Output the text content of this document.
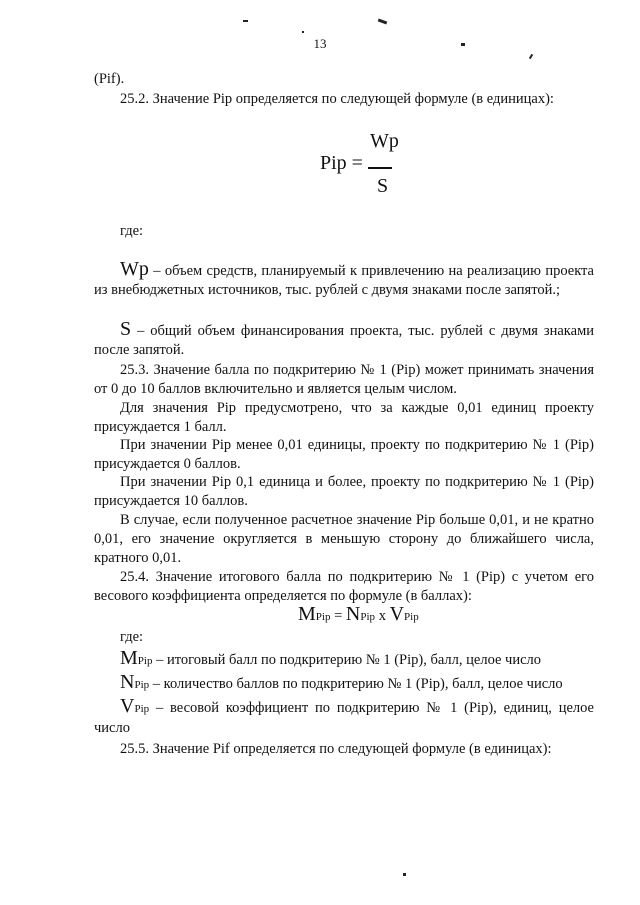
13
(Pif).
25.2. Значение Pip определяется по следующей формуле (в единицах):
Pip =
Wp
S
где:
Wp – объем средств, планируемый к привлечению на реализацию проекта из внебюджетных источников, тыс. рублей с двумя знаками после запятой.;
S – общий объем финансирования проекта, тыс. рублей с двумя знаками после запятой.
25.3. Значение балла по подкритерию № 1 (Pip) может принимать значения от 0 до 10 баллов включительно и является целым числом.
Для значения Pip предусмотрено, что за каждые 0,01 единиц проекту присуждается 1 балл.
При значении Pip менее 0,01 единицы, проекту по подкритерию № 1 (Pip) присуждается 0 баллов.
При значении Pip 0,1 единица и более, проекту по подкритерию № 1 (Pip) присуждается 10 баллов.
В случае, если полученное расчетное значение Pip больше 0,01, и не кратно 0,01, его значение округляется в меньшую сторону до ближайшего числа, кратного 0,01.
25.4. Значение итогового балла по подкритерию № 1 (Pip) с учетом его весового коэффициента определяется по формуле (в баллах):
MPip = NPip x VPip
где:
MPip – итоговый балл по подкритерию № 1 (Pip), балл, целое число
NPip – количество баллов по подкритерию № 1 (Pip), балл, целое число
VPip – весовой коэффициент по подкритерию № 1 (Pip), единиц, целое число
25.5. Значение Pif определяется по следующей формуле (в единицах):
